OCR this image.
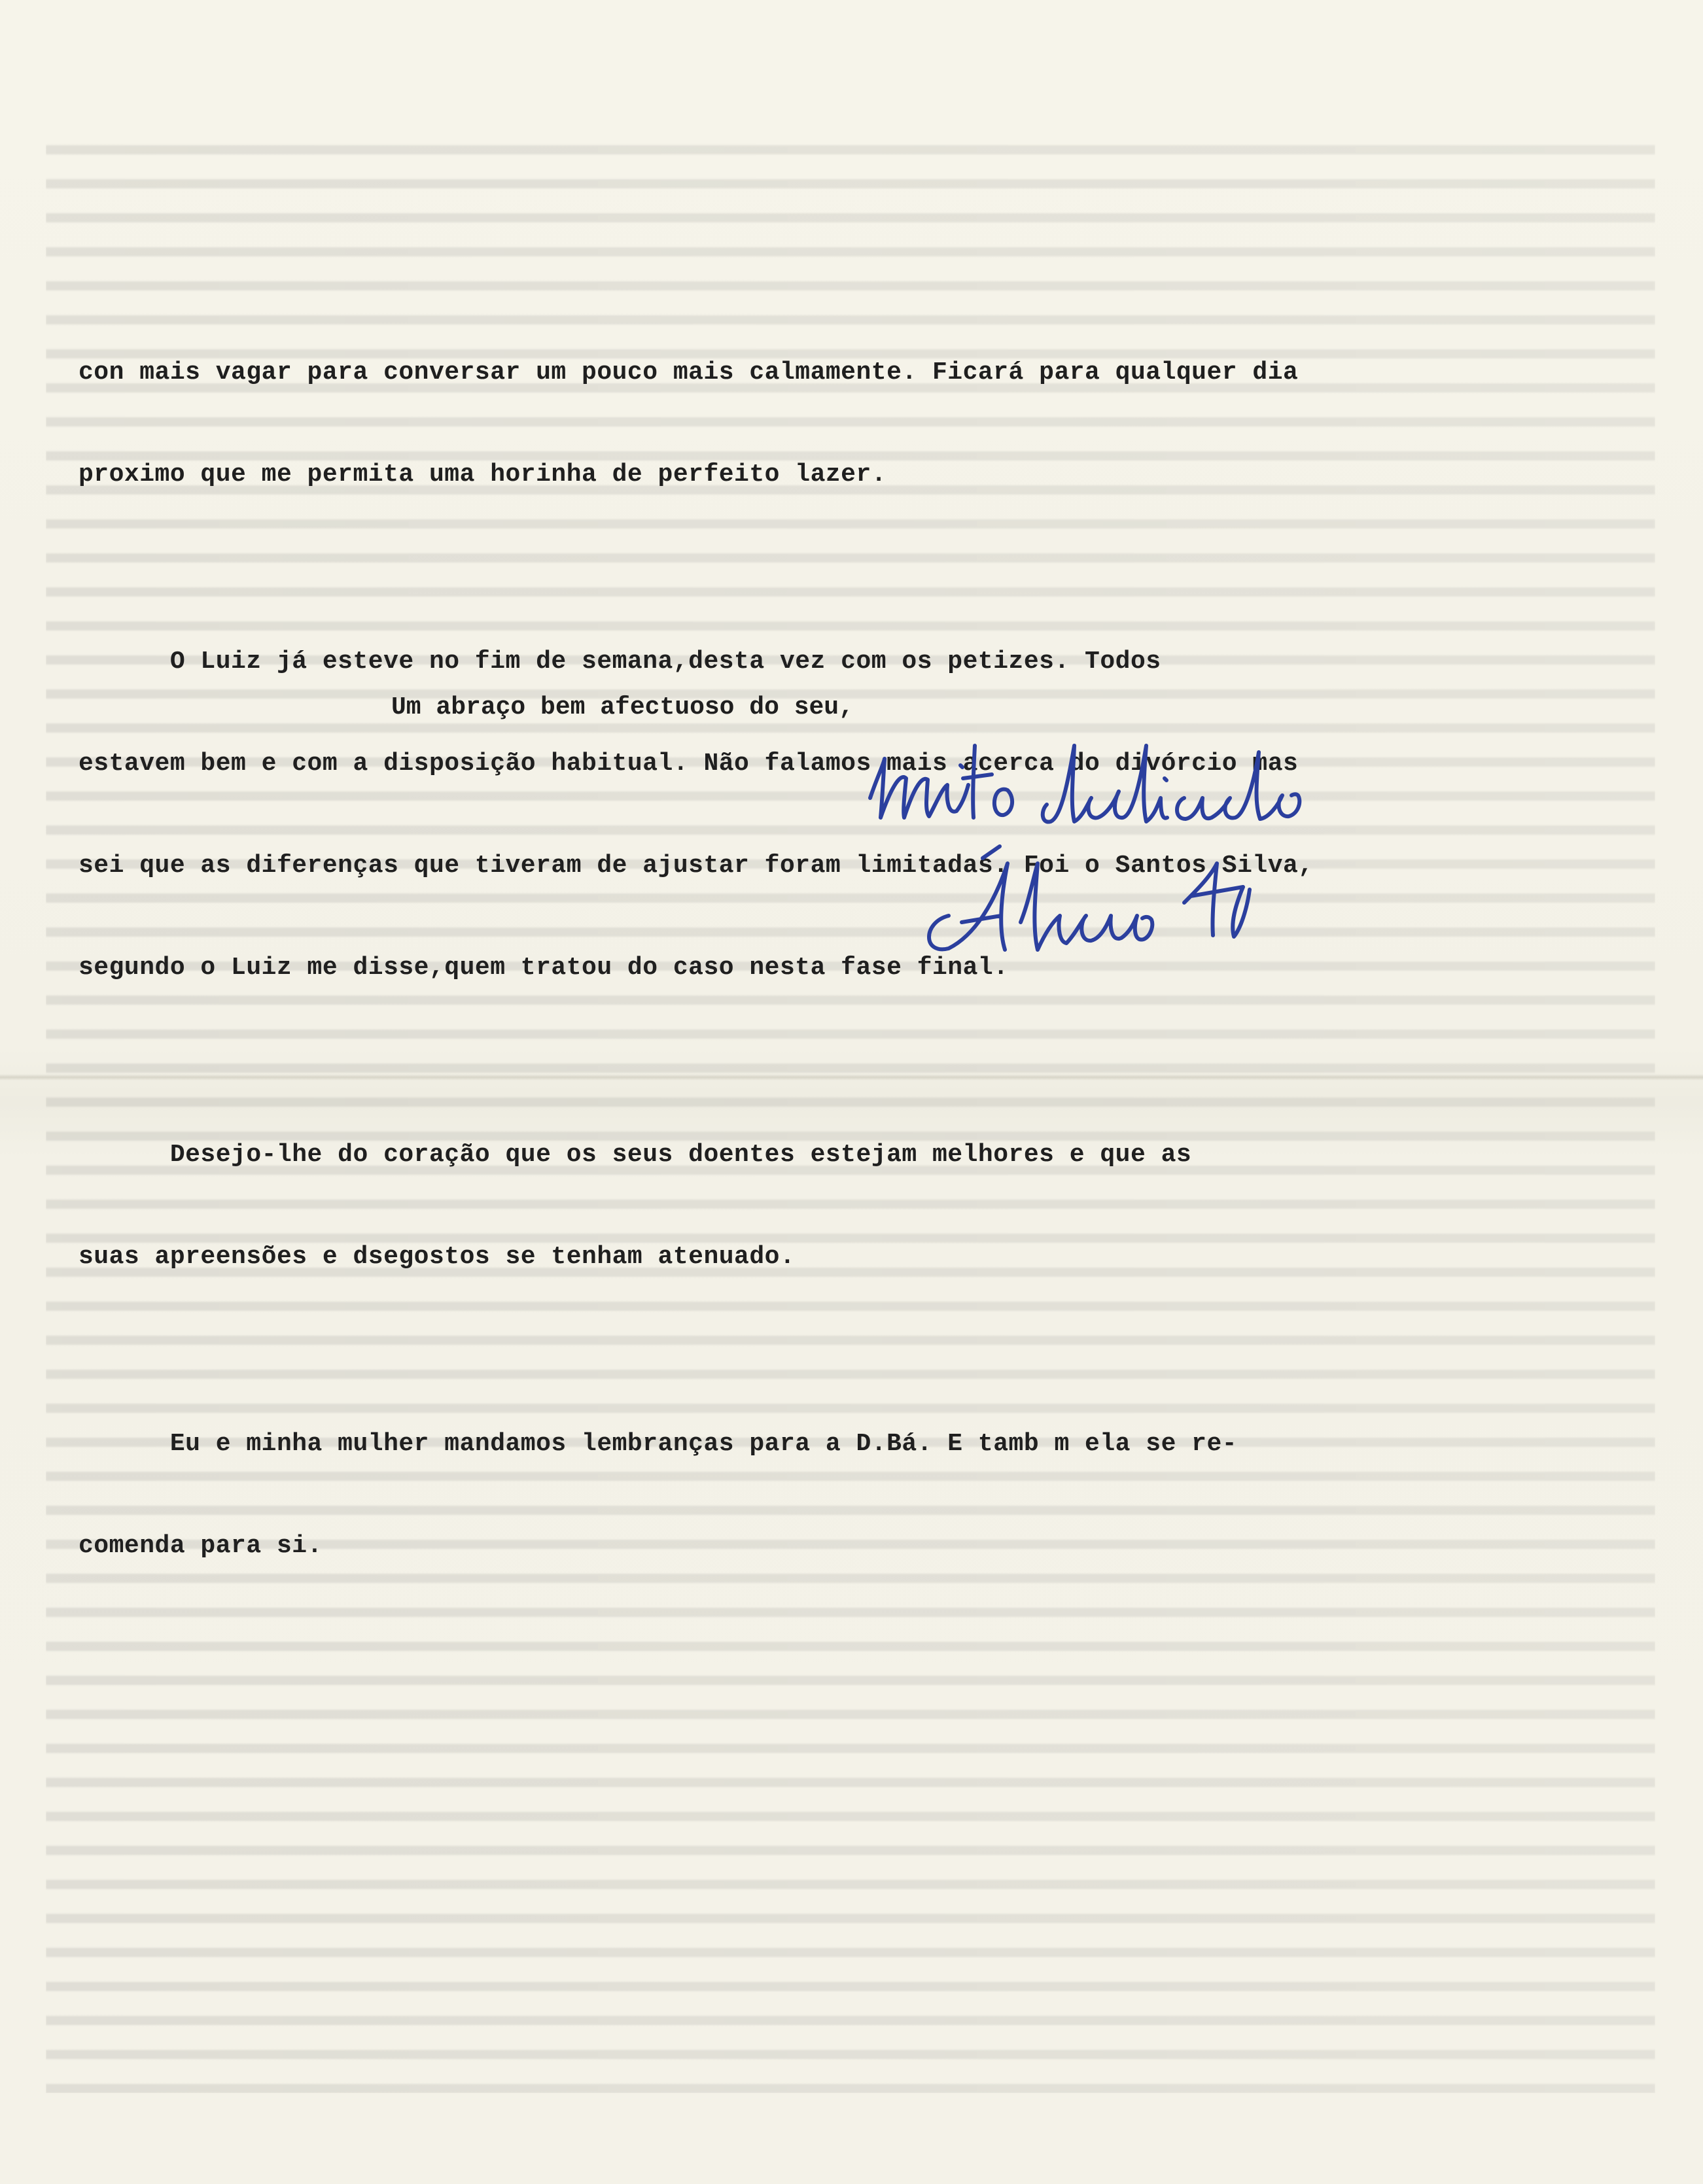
con mais vagar para conversar um pouco mais calmamente. Ficará para qualquer dia

proximo que me permita uma horinha de perfeito lazer.

O Luiz já esteve no fim de semana,desta vez com os petizes. Todos

estavem bem e com a disposição habitual. Não falamos mais acerca do divórcio mas

sei que as diferenças que tiveram de ajustar foram limitadas. Foi o Santos Silva,

segundo o Luiz me disse,quem tratou do caso nesta fase final.

Desejo-lhe do coração que os seus doentes estejam melhores e que as

suas apreensões e dsegostos se tenham atenuado.

Eu e minha mulher mandamos lembranças para a D.Bá. E tamb m ela se re-

comenda para si.

Um abraço bem afectuoso do seu,
